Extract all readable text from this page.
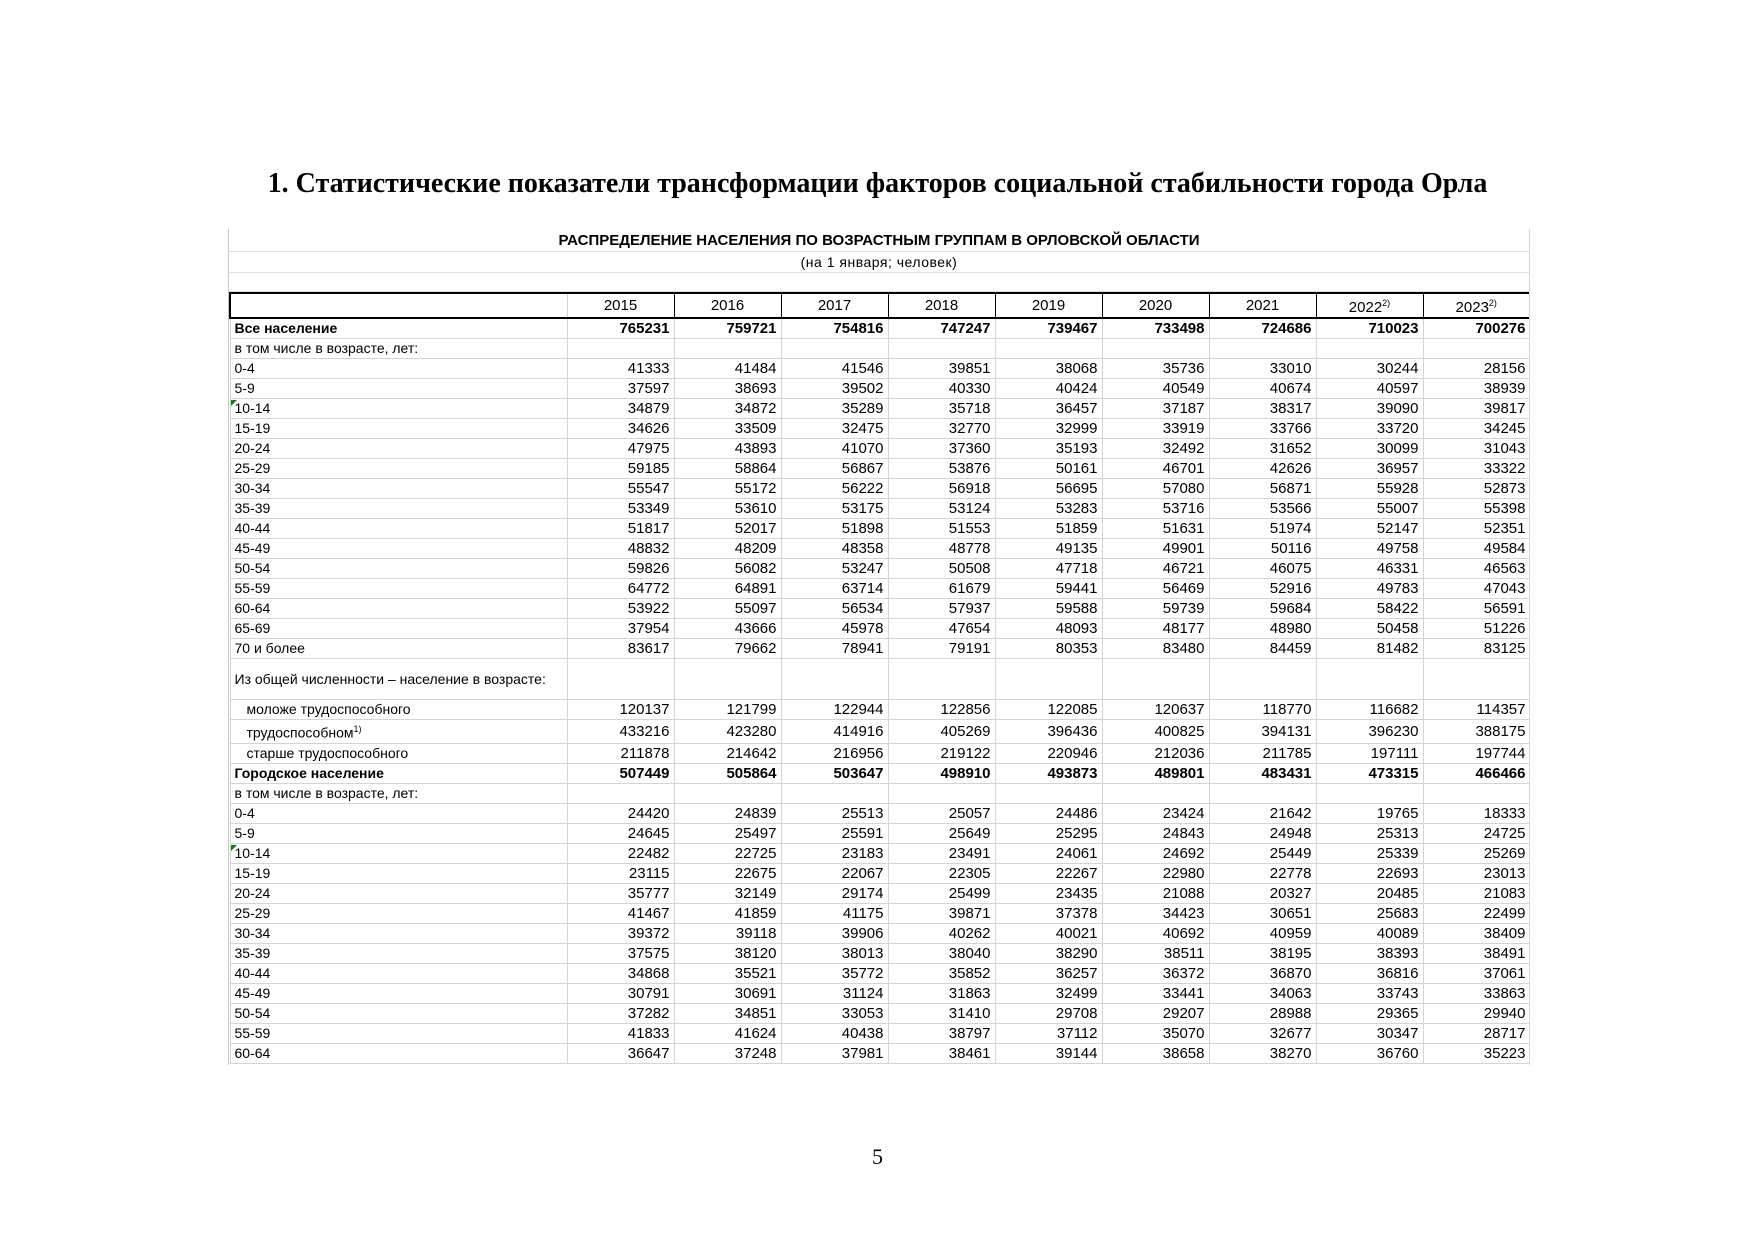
1. Статистические показатели трансформации факторов социальной стабильности города Орла
РАСПРЕДЕЛЕНИЕ НАСЕЛЕНИЯ ПО ВОЗРАСТНЫМ ГРУППАМ В ОРЛОВСКОЙ ОБЛАСТИ
(на 1 января; человек)
	2015	2016	2017	2018	2019	2020	2021	2022$^{2)}$	2023$^{2)}$
Все население	765231	759721	754816	747247	739467	733498	724686	710023	700276
в том числе в возрасте, лет:									
0-4	41333	41484	41546	39851	38068	35736	33010	30244	28156
5-9	37597	38693	39502	40330	40424	40549	40674	40597	38939
10-14	34879	34872	35289	35718	36457	37187	38317	39090	39817
15-19	34626	33509	32475	32770	32999	33919	33766	33720	34245
20-24	47975	43893	41070	37360	35193	32492	31652	30099	31043
25-29	59185	58864	56867	53876	50161	46701	42626	36957	33322
30-34	55547	55172	56222	56918	56695	57080	56871	55928	52873
35-39	53349	53610	53175	53124	53283	53716	53566	55007	55398
40-44	51817	52017	51898	51553	51859	51631	51974	52147	52351
45-49	48832	48209	48358	48778	49135	49901	50116	49758	49584
50-54	59826	56082	53247	50508	47718	46721	46075	46331	46563
55-59	64772	64891	63714	61679	59441	56469	52916	49783	47043
60-64	53922	55097	56534	57937	59588	59739	59684	58422	56591
65-69	37954	43666	45978	47654	48093	48177	48980	50458	51226
70 и более	83617	79662	78941	79191	80353	83480	84459	81482	83125
Из общей численности – население в возрасте:									
моложе трудоспособного	120137	121799	122944	122856	122085	120637	118770	116682	114357
трудоспособном$^{1)}$	433216	423280	414916	405269	396436	400825	394131	396230	388175
старше трудоспособного	211878	214642	216956	219122	220946	212036	211785	197111	197744
Городское население	507449	505864	503647	498910	493873	489801	483431	473315	466466
в том числе в возрасте, лет:									
0-4	24420	24839	25513	25057	24486	23424	21642	19765	18333
5-9	24645	25497	25591	25649	25295	24843	24948	25313	24725
10-14	22482	22725	23183	23491	24061	24692	25449	25339	25269
15-19	23115	22675	22067	22305	22267	22980	22778	22693	23013
20-24	35777	32149	29174	25499	23435	21088	20327	20485	21083
25-29	41467	41859	41175	39871	37378	34423	30651	25683	22499
30-34	39372	39118	39906	40262	40021	40692	40959	40089	38409
35-39	37575	38120	38013	38040	38290	38511	38195	38393	38491
40-44	34868	35521	35772	35852	36257	36372	36870	36816	37061
45-49	30791	30691	31124	31863	32499	33441	34063	33743	33863
50-54	37282	34851	33053	31410	29708	29207	28988	29365	29940
55-59	41833	41624	40438	38797	37112	35070	32677	30347	28717
60-64	36647	37248	37981	38461	39144	38658	38270	36760	35223
5
